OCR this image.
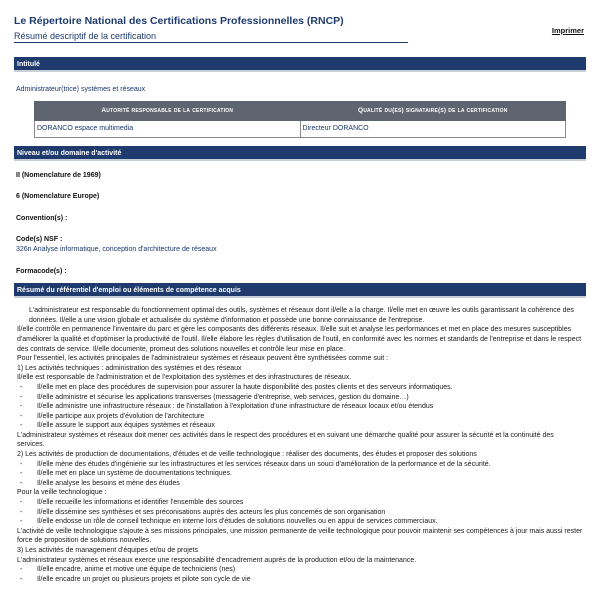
Le Répertoire National des Certifications Professionnelles (RNCP)
Résumé descriptif de la certification
Imprimer
Intitulé
Administrateur(trice) systèmes et réseaux
Autorité responsable de la certification	Qualité du(es) signataire(s) de la certification
DORANCO espace multimedia	Directeur DORANCO
Niveau et/ou domaine d'activité

II (Nomenclature de 1969)

6 (Nomenclature Europe)

Convention(s) :

Code(s) NSF :

326n Analyse informatique, conception d'architecture de réseaux

Formacode(s) :

Résumé du référentiel d'emploi ou éléments de compétence acquis

L'administrateur est responsable du fonctionnement optimal des outils, systèmes et réseaux dont il/elle a la charge. Il/elle met en œuvre les outils garantissant la cohérence des données. Il/elle a une vision globale et actualisée du système d'information et possède une bonne connaissance de l'entreprise.

Il/elle contrôle en permanence l'inventaire du parc et gère les composants des différents réseaux. Il/elle suit et analyse les performances et met en place des mesures susceptibles d'améliorer la qualité et d'optimiser la productivité de l'outil. Il/elle élabore les règles d'utilisation de l'outil, en conformité avec les normes et standards de l'entreprise et dans le respect des contrats de service. Il/elle documente, promeut des solutions nouvelles et contrôle leur mise en place.

Pour l'essentiel, les activités principales de l'administrateur systèmes et réseaux peuvent être synthétisées comme suit :

1) Les activités techniques : administration des systèmes et des réseaux

Il/elle est responsable de l'administration et de l'exploitation des systèmes et des infrastructures de réseaux.

- Il/elle met en place des procédures de supervision pour assurer la haute disponibilité des postes clients et des serveurs informatiques.

- Il/elle administre et sécurise les applications transverses (messagerie d'entreprise, web services, gestion du domaine…)

- Il/elle administre une infrastructure réseaux : de l'installation à l'exploitation d'une infrastructure de réseaux locaux et/ou étendus

- Il/elle participe aux projets d'évolution de l'architecture

- Il/elle assure le support aux équipes systèmes et réseaux

L'administrateur systèmes et réseaux doit mener ces activités dans le respect des procédures et en suivant une démarche qualité pour assurer la sécurité et la continuité des services.

2) Les activités de production de documentations, d'études et de veille technologique : réaliser des documents, des études et proposer des solutions

- Il/elle mène des études d'ingénierie sur les infrastructures et les services réseaux dans un souci d'amélioration de la performance et de la sécurité.

- Il/elle met en place un système de documentations techniques.

- Il/elle analyse les besoins et mène des études

Pour la veille technologique :

- Il/elle recueille les informations et identifier l'ensemble des sources

- Il/elle dissémine ses synthèses et ses préconisations auprès des acteurs les plus concernés de son organisation

- Il/elle endosse un rôle de conseil technique en interne lors d'études de solutions nouvelles ou en appui de services commerciaux.

L'activité de veille technologique s'ajoute à ses missions principales, une mission permanente de veille technologique pour pouvoir maintenir ses compétences à jour mais aussi rester force de proposition de solutions nouvelles.

3) Les activités de management d'équipes et/ou de projets

L'administrateur systèmes et réseaux exerce une responsabilité d'encadrement auprès de la production et/ou de la maintenance.

- Il/elle encadre, anime et motive une équipe de techniciens (nes)

- Il/elle encadre un projet ou plusieurs projets et pilote son cycle de vie
